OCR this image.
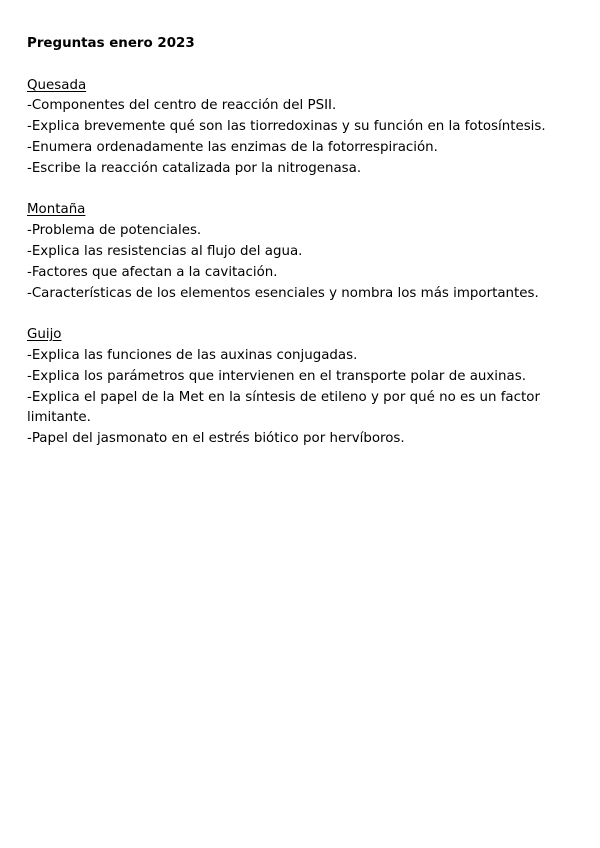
Preguntas enero 2023
Quesada
-Componentes del centro de reacción del PSII.
-Explica brevemente qué son las tiorredoxinas y su función en la fotosíntesis.
-Enumera ordenadamente las enzimas de la fotorrespiración.
-Escribe la reacción catalizada por la nitrogenasa.
Montaña
-Problema de potenciales.
-Explica las resistencias al flujo del agua.
-Factores que afectan a la cavitación.
-Características de los elementos esenciales y nombra los más importantes.
Guijo
-Explica las funciones de las auxinas conjugadas.
-Explica los parámetros que intervienen en el transporte polar de auxinas.
-Explica el papel de la Met en la síntesis de etileno y por qué no es un factor limitante.
-Papel del jasmonato en el estrés biótico por hervíboros.
